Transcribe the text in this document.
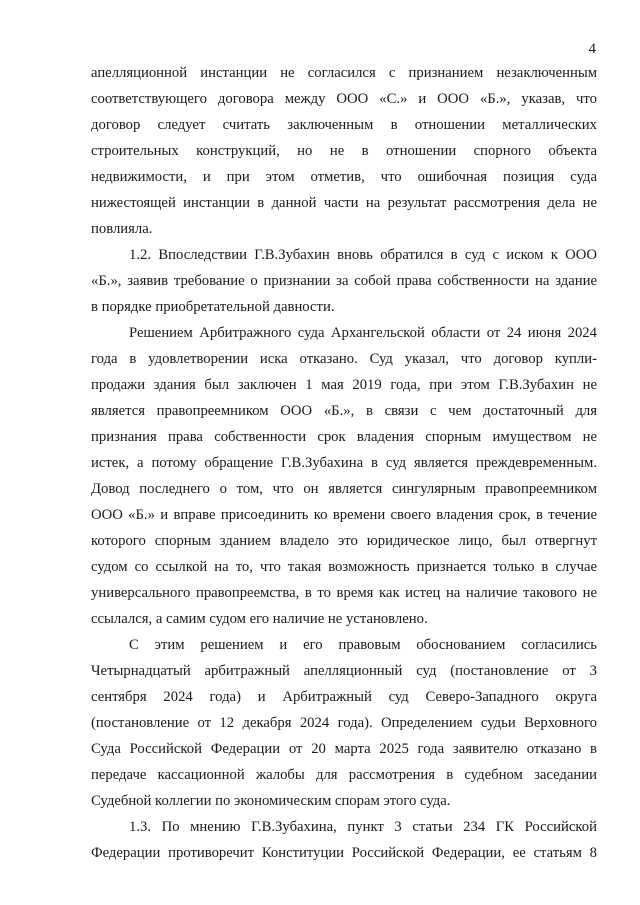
4

апелляционной инстанции не согласился с признанием незаключенным
соответствующего договора между ООО «С.» и ООО «Б.», указав, что
договор следует считать заключенным в отношении металлических
строительных конструкций, но не в отношении спорного объекта
недвижимости, и при этом отметив, что ошибочная позиция суда
нижестоящей инстанции в данной части на результат рассмотрения дела не
повлияла.

1.2. Впоследствии Г.В.Зубахин вновь обратился в суд с иском к ООО
«Б.», заявив требование о признании за собой права собственности на здание
в порядке приобретательной давности.

Решением Арбитражного суда Архангельской области от 24 июня 2024
года в удовлетворении иска отказано. Суд указал, что договор купли-
продажи здания был заключен 1 мая 2019 года, при этом Г.В.Зубахин не
является правопреемником ООО «Б.», в связи с чем достаточный для
признания права собственности срок владения спорным имуществом не
истек, а потому обращение Г.В.Зубахина в суд является преждевременным.
Довод последнего о том, что он является сингулярным правопреемником
ООО «Б.» и вправе присоединить ко времени своего владения срок, в течение
которого спорным зданием владело это юридическое лицо, был отвергнут
судом со ссылкой на то, что такая возможность признается только в случае
универсального правопреемства, в то время как истец на наличие такового не
ссылался, а самим судом его наличие не установлено.

С этим решением и его правовым обоснованием согласились
Четырнадцатый арбитражный апелляционный суд (постановление от 3
сентября 2024 года) и Арбитражный суд Северо-Западного округа
(постановление от 12 декабря 2024 года). Определением судьи Верховного
Суда Российской Федерации от 20 марта 2025 года заявителю отказано в
передаче кассационной жалобы для рассмотрения в судебном заседании
Судебной коллегии по экономическим спорам этого суда.

1.3. По мнению Г.В.Зубахина, пункт 3 статьи 234 ГК Российской
Федерации противоречит Конституции Российской Федерации, ее статьям 8
